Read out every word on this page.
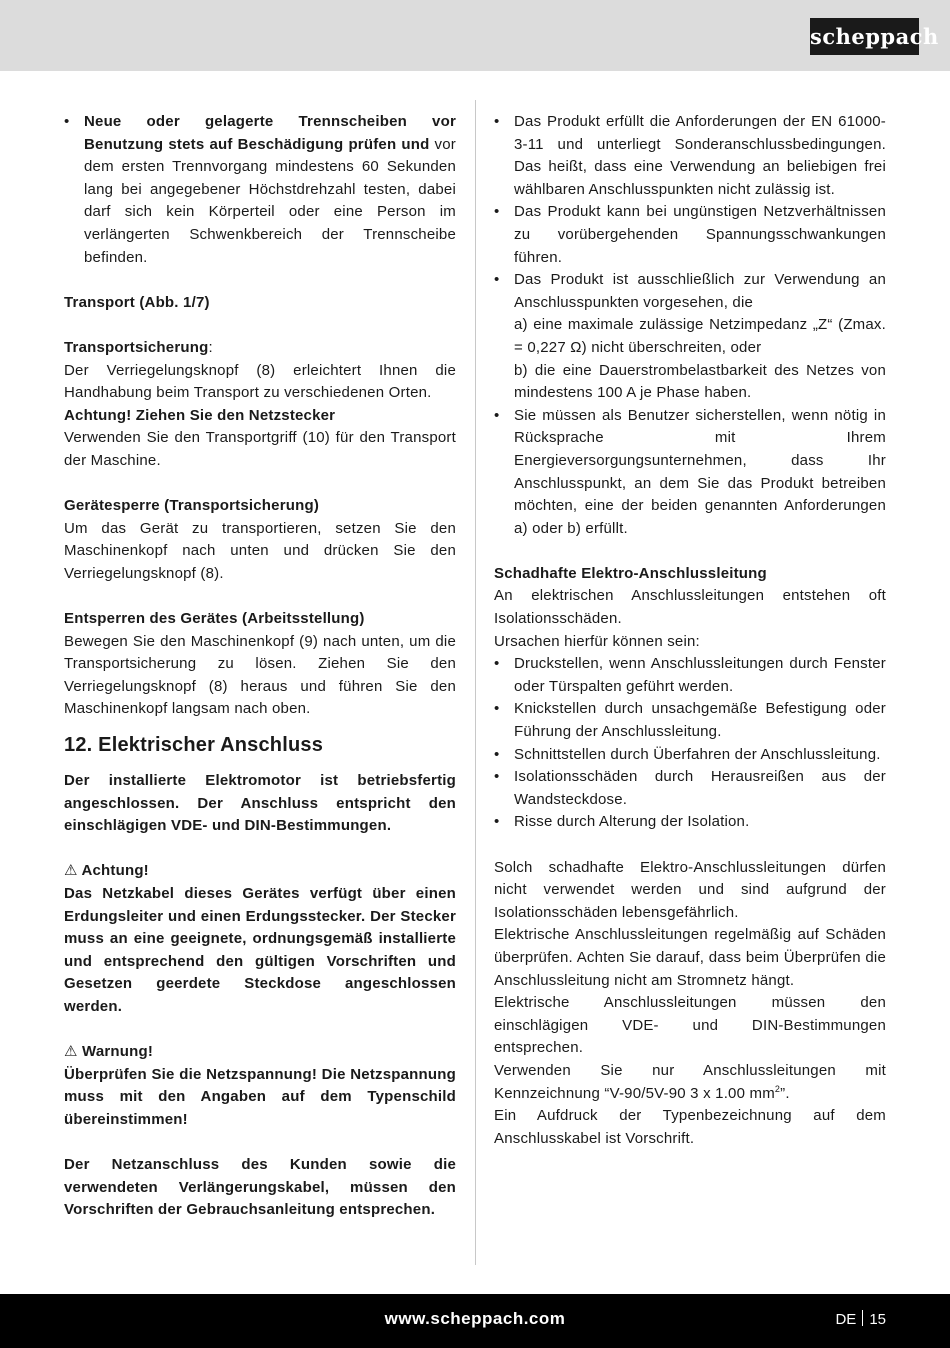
scheppach

• Neue oder gelagerte Trennscheiben vor Benutzung stets auf Beschädigung prüfen und vor dem ersten Trennvorgang mindestens 60 Sekunden lang bei angegebener Höchstdrehzahl testen, dabei darf sich kein Körperteil oder eine Person im verlängerten Schwenkbereich der Trennscheibe befinden.

Transport (Abb. 1/7)

Transportsicherung:

Der Verriegelungsknopf (8) erleichtert Ihnen die Handhabung beim Transport zu verschiedenen Orten.

Achtung! Ziehen Sie den Netzstecker

Verwenden Sie den Transportgriff (10) für den Transport der Maschine.

Gerätesperre (Transportsicherung)

Um das Gerät zu transportieren, setzen Sie den Maschinenkopf nach unten und drücken Sie den Verriegelungsknopf (8).

Entsperren des Gerätes (Arbeitsstellung)

Bewegen Sie den Maschinenkopf (9) nach unten, um die Transportsicherung zu lösen. Ziehen Sie den Verriegelungsknopf (8) heraus und führen Sie den Maschinenkopf langsam nach oben.

12. Elektrischer Anschluss

Der installierte Elektromotor ist betriebsfertig angeschlossen. Der Anschluss entspricht den einschlägigen VDE- und DIN-Bestimmungen.

⚠ Achtung!

Das Netzkabel dieses Gerätes verfügt über einen Erdungsleiter und einen Erdungsstecker. Der Stecker muss an eine geeignete, ordnungsgemäß installierte und entsprechend den gültigen Vorschriften und Gesetzen geerdete Steckdose angeschlossen werden.

⚠ Warnung!

Überprüfen Sie die Netzspannung! Die Netzspannung muss mit den Angaben auf dem Typenschild übereinstimmen!

Der Netzanschluss des Kunden sowie die verwendeten Verlängerungskabel, müssen den Vorschriften der Gebrauchsanleitung entsprechen.

• Das Produkt erfüllt die Anforderungen der EN 61000-3-11 und unterliegt Sonderanschlussbedingungen. Das heißt, dass eine Verwendung an beliebigen frei wählbaren Anschlusspunkten nicht zulässig ist.

• Das Produkt kann bei ungünstigen Netzverhältnissen zu vorübergehenden Spannungsschwankungen führen.

• Das Produkt ist ausschließlich zur Verwendung an Anschlusspunkten vorgesehen, die

a) eine maximale zulässige Netzimpedanz „Z“ (Zmax. = 0,227 Ω) nicht überschreiten, oder

b) die eine Dauerstrombelastbarkeit des Netzes von mindestens 100 A je Phase haben.

• Sie müssen als Benutzer sicherstellen, wenn nötig in Rücksprache mit Ihrem Energieversorgungsunternehmen, dass Ihr Anschlusspunkt, an dem Sie das Produkt betreiben möchten, eine der beiden genannten Anforderungen a) oder b) erfüllt.

Schadhafte Elektro-Anschlussleitung

An elektrischen Anschlussleitungen entstehen oft Isolationsschäden.

Ursachen hierfür können sein:

• Druckstellen, wenn Anschlussleitungen durch Fenster oder Türspalten geführt werden.

• Knickstellen durch unsachgemäße Befestigung oder Führung der Anschlussleitung.

• Schnittstellen durch Überfahren der Anschlussleitung.

• Isolationsschäden durch Herausreißen aus der Wandsteckdose.

• Risse durch Alterung der Isolation.

Solch schadhafte Elektro-Anschlussleitungen dürfen nicht verwendet werden und sind aufgrund der Isolationsschäden lebensgefährlich.

Elektrische Anschlussleitungen regelmäßig auf Schäden überprüfen. Achten Sie darauf, dass beim Überprüfen die Anschlussleitung nicht am Stromnetz hängt.

Elektrische Anschlussleitungen müssen den einschlägigen VDE- und DIN-Bestimmungen entsprechen.

Verwenden Sie nur Anschlussleitungen mit Kennzeichnung “V-90/5V-90 3 x 1.00 $mm^2$”.

Ein Aufdruck der Typenbezeichnung auf dem Anschlusskabel ist Vorschrift.

www.scheppach.com	DE 15
